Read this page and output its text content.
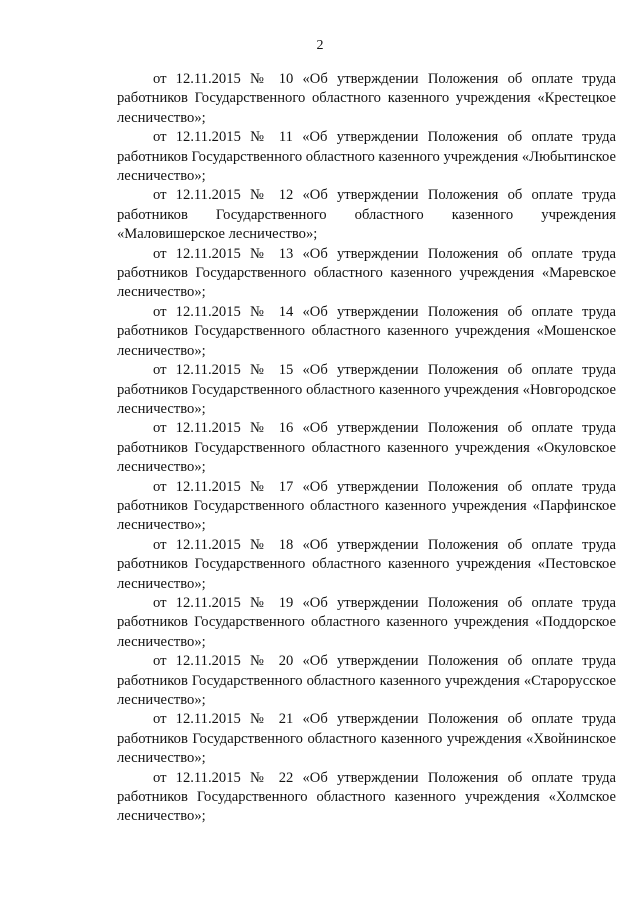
2

от 12.11.2015 № 10 «Об утверждении Положения об оплате труда работников Государственного областного казенного учреждения «Крестецкое лесничество»;

от 12.11.2015 № 11 «Об утверждении Положения об оплате труда работников Государственного областного казенного учреждения «Любытинское лесничество»;

от 12.11.2015 № 12 «Об утверждении Положения об оплате труда работников Государственного областного казенного учреждения «Маловишерское лесничество»;

от 12.11.2015 № 13 «Об утверждении Положения об оплате труда работников Государственного областного казенного учреждения «Маревское лесничество»;

от 12.11.2015 № 14 «Об утверждении Положения об оплате труда работников Государственного областного казенного учреждения «Мошенское лесничество»;

от 12.11.2015 № 15 «Об утверждении Положения об оплате труда работников Государственного областного казенного учреждения «Новгородское лесничество»;

от 12.11.2015 № 16 «Об утверждении Положения об оплате труда работников Государственного областного казенного учреждения «Окуловское лесничество»;

от 12.11.2015 № 17 «Об утверждении Положения об оплате труда работников Государственного областного казенного учреждения «Парфинское лесничество»;

от 12.11.2015 № 18 «Об утверждении Положения об оплате труда работников Государственного областного казенного учреждения «Пестовское лесничество»;

от 12.11.2015 № 19 «Об утверждении Положения об оплате труда работников Государственного областного казенного учреждения «Поддорское лесничество»;

от 12.11.2015 № 20 «Об утверждении Положения об оплате труда работников Государственного областного казенного учреждения «Старорусское лесничество»;

от 12.11.2015 № 21 «Об утверждении Положения об оплате труда работников Государственного областного казенного учреждения «Хвойнинское лесничество»;

от 12.11.2015 № 22 «Об утверждении Положения об оплате труда работников Государственного областного казенного учреждения «Холмское лесничество»;
